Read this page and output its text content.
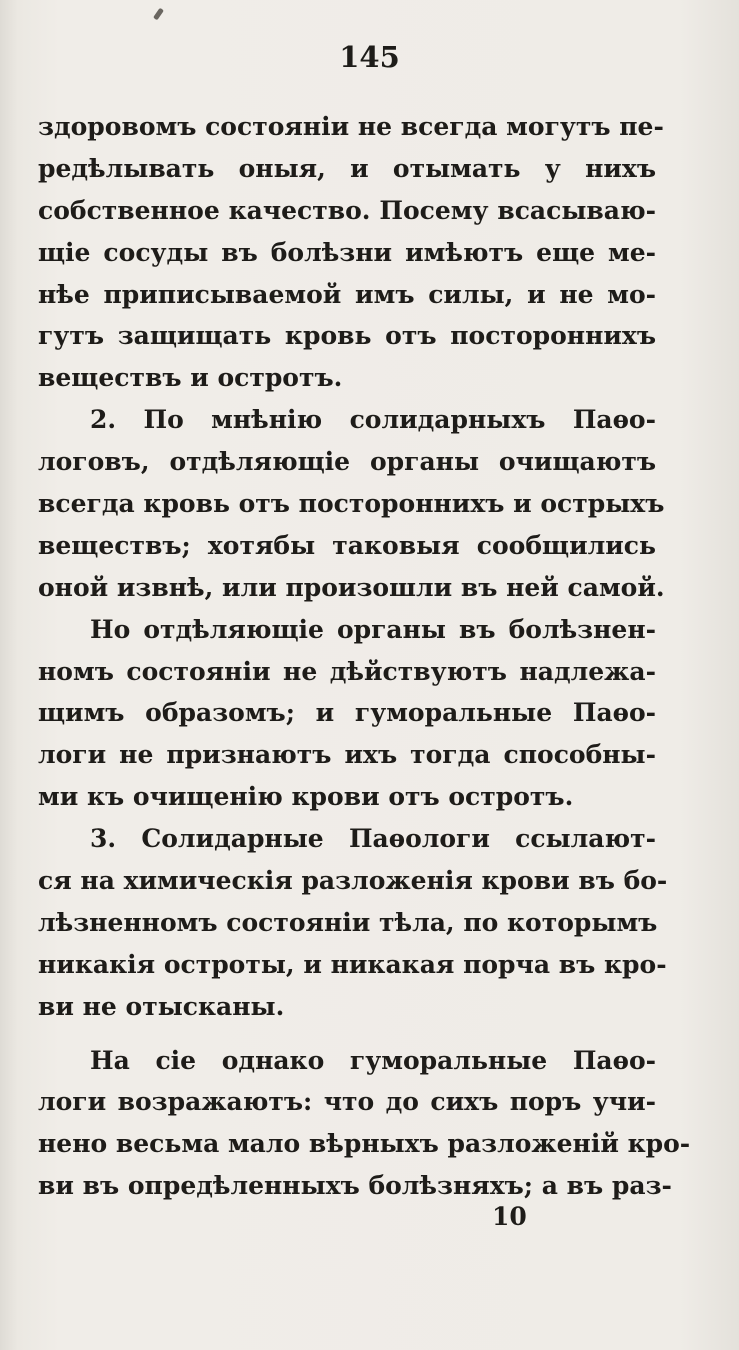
145
здоровомъ состояніи не всегда могутъ пе-
редѣлывать оныя, и отымать у нихъ
собственное качество. Посему всасываю-
щіе сосуды въ болѣзни имѣютъ еще ме-
нѣе приписываемой имъ силы, и не мо-
гутъ защищать кровь отъ постороннихъ
веществъ и остротъ.
2. По мнѣнію солидарныхъ Паѳо-
логовъ, отдѣляющіе органы очищаютъ
всегда кровь отъ постороннихъ и острыхъ
веществъ; хотябы таковыя сообщились
оной извнѣ, или произошли въ ней самой.
Но отдѣляющіе органы въ болѣзнен-
номъ состояніи не дѣйствуютъ надлежа-
щимъ образомъ; и гуморальные Паѳо-
логи не признаютъ ихъ тогда способны-
ми къ очищенію крови отъ остротъ.
3. Солидарные Паѳологи ссылают-
ся на химическія разложенія крови въ бо-
лѣзненномъ состояніи тѣла, по которымъ
никакія остроты, и никакая порча въ кро-
ви не отысканы.
На сіе однако гуморальные Паѳо-
логи возражаютъ: что до сихъ поръ учи-
нено весьма мало вѣрныхъ разложеній кро-
ви въ опредѣленныхъ болѣзняхъ; а въ раз-
10
